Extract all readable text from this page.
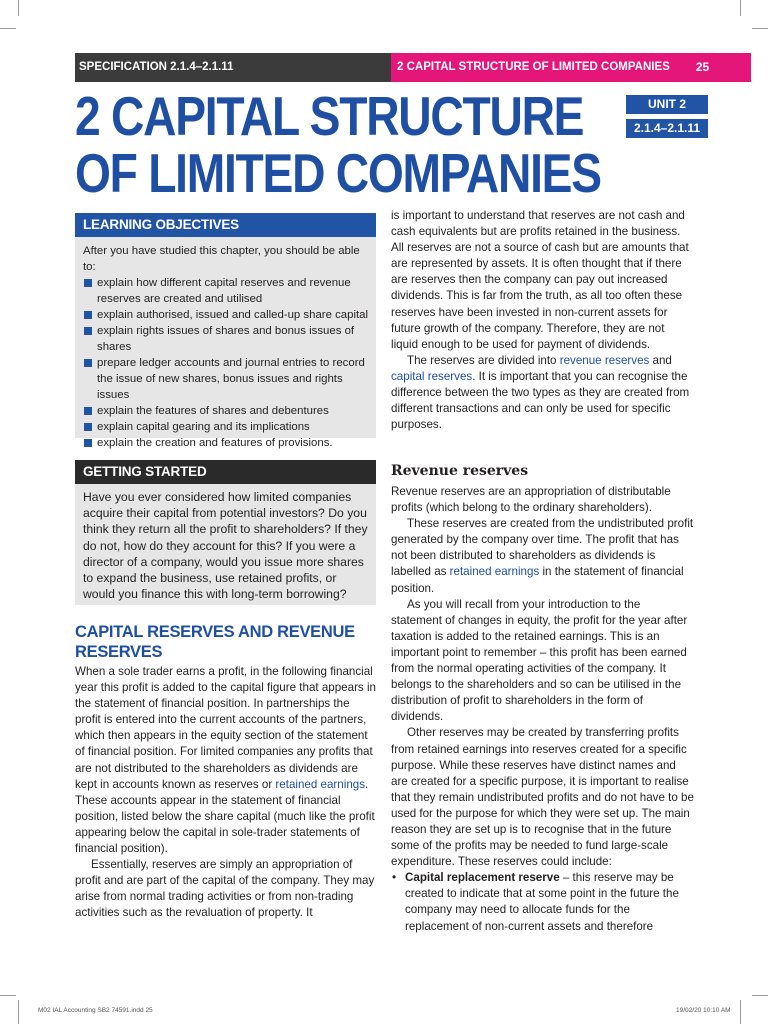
SPECIFICATION 2.1.4–2.1.11	2 CAPITAL STRUCTURE OF LIMITED COMPANIES	25
2 CAPITAL STRUCTURE
OF LIMITED COMPANIES
UNIT 2
2.1.4–2.1.11
LEARNING OBJECTIVES
After you have studied this chapter, you should be able to:
explain how different capital reserves and revenue reserves are created and utilised
explain authorised, issued and called-up share capital
explain rights issues of shares and bonus issues of shares
prepare ledger accounts and journal entries to record the issue of new shares, bonus issues and rights issues
explain the features of shares and debentures
explain capital gearing and its implications
explain the creation and features of provisions.
GETTING STARTED
Have you ever considered how limited companies acquire their capital from potential investors? Do you think they return all the profit to shareholders? If they do not, how do they account for this? If you were a director of a company, would you issue more shares to expand the business, use retained profits, or would you finance this with long-term borrowing?
CAPITAL RESERVES AND REVENUE RESERVES

When a sole trader earns a profit, in the following financial year this profit is added to the capital figure that appears in the statement of financial position. In partnerships the profit is entered into the current accounts of the partners, which then appears in the equity section of the statement of financial position. For limited companies any profits that are not distributed to the shareholders as dividends are kept in accounts known as reserves or retained earnings. These accounts appear in the statement of financial position, listed below the share capital (much like the profit appearing below the capital in sole-trader statements of financial position).

Essentially, reserves are simply an appropriation of profit and are part of the capital of the company. They may arise from normal trading activities or from non-trading activities such as the revaluation of property. It

is important to understand that reserves are not cash and cash equivalents but are profits retained in the business. All reserves are not a source of cash but are amounts that are represented by assets. It is often thought that if there are reserves then the company can pay out increased dividends. This is far from the truth, as all too often these reserves have been invested in non-current assets for future growth of the company. Therefore, they are not liquid enough to be used for payment of dividends.

The reserves are divided into revenue reserves and capital reserves. It is important that you can recognise the difference between the two types as they are created from different transactions and can only be used for specific purposes.

Revenue reserves

Revenue reserves are an appropriation of distributable profits (which belong to the ordinary shareholders).

These reserves are created from the undistributed profit generated by the company over time. The profit that has not been distributed to shareholders as dividends is labelled as retained earnings in the statement of financial position.

As you will recall from your introduction to the statement of changes in equity, the profit for the year after taxation is added to the retained earnings. This is an important point to remember – this profit has been earned from the normal operating activities of the company. It belongs to the shareholders and so can be utilised in the distribution of profit to shareholders in the form of dividends.

Other reserves may be created by transferring profits from retained earnings into reserves created for a specific purpose. While these reserves have distinct names and are created for a specific purpose, it is important to realise that they remain undistributed profits and do not have to be used for the purpose for which they were set up. The main reason they are set up is to recognise that in the future some of the profits may be needed to fund large-scale expenditure. These reserves could include:

• Capital replacement reserve – this reserve may be created to indicate that at some point in the future the company may need to allocate funds for the replacement of non-current assets and therefore
M02 IAL Accounting SB2 74591.indd 25	19/02/20 10:10 AM
